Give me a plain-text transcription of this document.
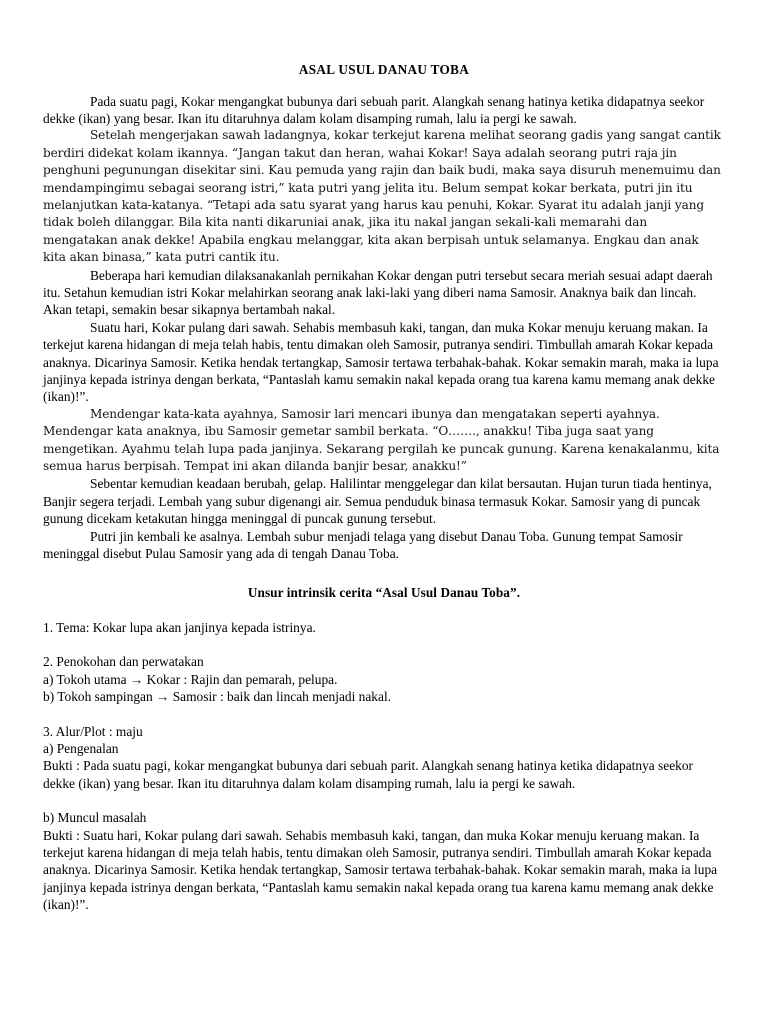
ASAL USUL DANAU TOBA

Pada suatu pagi, Kokar mengangkat bubunya dari sebuah parit. Alangkah senang hatinya ketika didapatnya seekor dekke (ikan) yang besar. Ikan itu ditaruhnya dalam kolam disamping rumah, lalu ia pergi ke sawah.

Setelah mengerjakan sawah ladangnya, kokar terkejut karena melihat seorang gadis yang sangat cantik berdiri didekat kolam ikannya. “Jangan takut dan heran, wahai Kokar! Saya adalah seorang putri raja jin penghuni pegunungan disekitar sini. Kau pemuda yang rajin dan baik budi, maka saya disuruh menemuimu dan mendampingimu sebagai seorang istri,” kata putri yang jelita itu. Belum sempat kokar berkata, putri jin itu melanjutkan kata-katanya. “Tetapi ada satu syarat yang harus kau penuhi, Kokar. Syarat itu adalah janji yang tidak boleh dilanggar. Bila kita nanti dikaruniai anak, jika itu nakal jangan sekali-kali memarahi dan mengatakan anak dekke! Apabila engkau melanggar, kita akan berpisah untuk selamanya. Engkau dan anak kita akan binasa,” kata putri cantik itu.

Beberapa hari kemudian dilaksanakanlah pernikahan Kokar dengan putri tersebut secara meriah sesuai adapt daerah itu. Setahun kemudian istri Kokar melahirkan seorang anak laki-laki yang diberi nama Samosir. Anaknya baik dan lincah. Akan tetapi, semakin besar sikapnya bertambah nakal.

Suatu hari, Kokar pulang dari sawah. Sehabis membasuh kaki, tangan, dan muka Kokar menuju keruang makan. Ia terkejut karena hidangan di meja telah habis, tentu dimakan oleh Samosir, putranya sendiri. Timbullah amarah Kokar kepada anaknya. Dicarinya Samosir. Ketika hendak tertangkap, Samosir tertawa terbahak-bahak. Kokar semakin marah, maka ia lupa janjinya kepada istrinya dengan berkata, “Pantaslah kamu semakin nakal kepada orang tua karena kamu memang anak dekke (ikan)!”.

Mendengar kata-kata ayahnya, Samosir lari mencari ibunya dan mengatakan seperti ayahnya. Mendengar kata anaknya, ibu Samosir gemetar sambil berkata. “O……., anakku! Tiba juga saat yang mengetikan. Ayahmu telah lupa pada janjinya. Sekarang pergilah ke puncak gunung. Karena kenakalanmu, kita semua harus berpisah. Tempat ini akan dilanda banjir besar, anakku!”

Sebentar kemudian keadaan berubah, gelap. Halilintar menggelegar dan kilat bersautan. Hujan turun tiada hentinya, Banjir segera terjadi. Lembah yang subur digenangi air. Semua penduduk binasa termasuk Kokar. Samosir yang di puncak gunung dicekam ketakutan hingga meninggal di puncak gunung tersebut.

Putri jin kembali ke asalnya. Lembah subur menjadi telaga yang disebut Danau Toba. Gunung tempat Samosir meninggal disebut Pulau Samosir yang ada di tengah Danau Toba.

Unsur intrinsik cerita “Asal Usul Danau Toba”.
1. Tema: Kokar lupa akan janjinya kepada istrinya.
2. Penokohan dan perwatakan
a) Tokoh utama → Kokar : Rajin dan pemarah, pelupa.
b) Tokoh sampingan → Samosir : baik dan lincah menjadi nakal.
3. Alur/Plot : maju
a) Pengenalan
Bukti : Pada suatu pagi, kokar mengangkat bubunya dari sebuah parit. Alangkah senang hatinya ketika didapatnya seekor dekke (ikan) yang besar. Ikan itu ditaruhnya dalam kolam disamping rumah, lalu ia pergi ke sawah.
b) Muncul masalah
Bukti : Suatu hari, Kokar pulang dari sawah. Sehabis membasuh kaki, tangan, dan muka Kokar menuju keruang makan. Ia terkejut karena hidangan di meja telah habis, tentu dimakan oleh Samosir, putranya sendiri. Timbullah amarah Kokar kepada anaknya. Dicarinya Samosir. Ketika hendak tertangkap, Samosir tertawa terbahak-bahak. Kokar semakin marah, maka ia lupa janjinya kepada istrinya dengan berkata, “Pantaslah kamu semakin nakal kepada orang tua karena kamu memang anak dekke (ikan)!”.
